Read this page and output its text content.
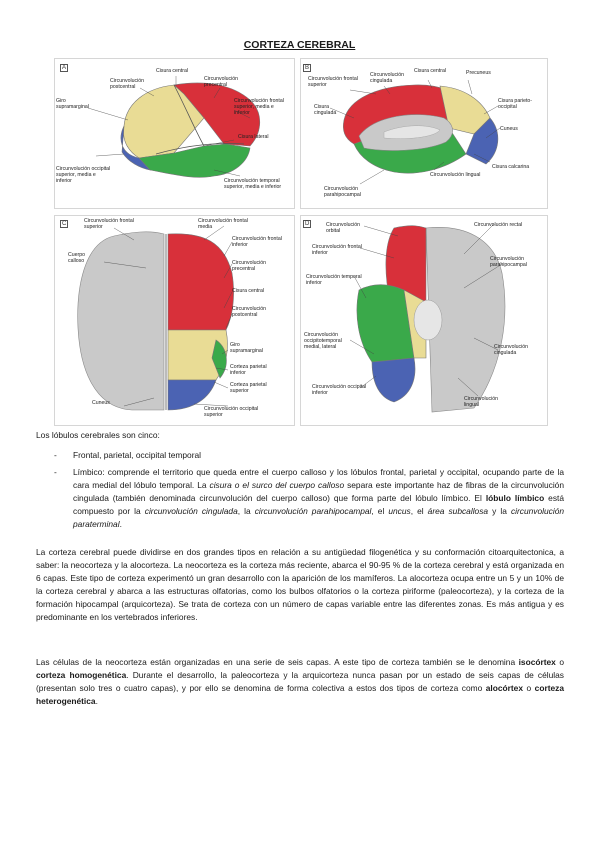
CORTEZA CEREBRAL
A	B
C	D
Cisura central
Circunvolución postcentral
Circunvolución precentral
Giro supramarginal
Circunvolución frontal superior, media e inferior
Cisura lateral
Circunvolución occipital superior, media e inferior	Circunvolución temporal superior, media e inferior
Circunvolución frontal superior
Circunvolución cingulada
Cisura central	Precuneus
Cisura cingulada
Cisura parieto-occipital
Cuneus
Cisura calcarina
Circunvolución lingual
Circunvolución parahipocampal
Circunvolución frontal superior
Circunvolución frontal media
Cuerpo calloso
Circunvolución frontal inferior
Circunvolución precentral
Cisura central
Circunvolución postcentral
Giro supramarginal
Corteza parietal inferior
Corteza parietal superior
Cuneus
Circunvolución occipital superior
Circunvolución orbital
Circunvolución frontal inferior
Circunvolución temporal inferior
Circunvolución occipitotemporal medial, lateral
Circunvolución occipital inferior
Circunvolución rectal
Circunvolución parahipocampal
Circunvolución cingulada
Circunvolución lingual
Los lóbulos cerebrales son cinco:
- Frontal, parietal, occipital temporal
- Límbico: comprende el territorio que queda entre el cuerpo calloso y los lóbulos frontal, parietal y occipital, ocupando parte de la cara medial del lóbulo temporal. La cisura o el surco del cuerpo calloso separa este importante haz de fibras de la circunvolución cingulada (también denominada circunvolución del cuerpo calloso) que forma parte del lóbulo límbico. El lóbulo límbico está compuesto por la circunvolución cingulada, la circunvolución parahipocampal, el uncus, el área subcallosa y la circunvolución paraterminal.

La corteza cerebral puede dividirse en dos grandes tipos en relación a su antigüedad filogenética y su conformación citoarquitectonica, a saber: la neocorteza y la alocorteza. La neocorteza es la corteza más reciente, abarca el 90-95 % de la corteza cerebral y está organizada en 6 capas. Este tipo de corteza experimentó un gran desarrollo con la aparición de los mamíferos. La alocorteza ocupa entre un 5 y un 10% de la corteza cerebral y abarca a las estructuras olfatorias, como los bulbos olfatorios o la corteza piriforme (paleocorteza), y la corteza de la formación hipocampal (arquicorteza). Se trata de corteza con un número de capas variable entre las diferentes zonas. Es más antigua y es predominante en los vertebrados inferiores.

Las células de la neocorteza están organizadas en una serie de seis capas. A este tipo de corteza también se le denomina isocórtex o corteza homogenética. Durante el desarrollo, la paleocorteza y la arquicorteza nunca pasan por un estado de seis capas de células (presentan solo tres o cuatro capas), y por ello se denomina de forma colectiva a estos dos tipos de corteza como alocórtex o corteza heterogenética.
